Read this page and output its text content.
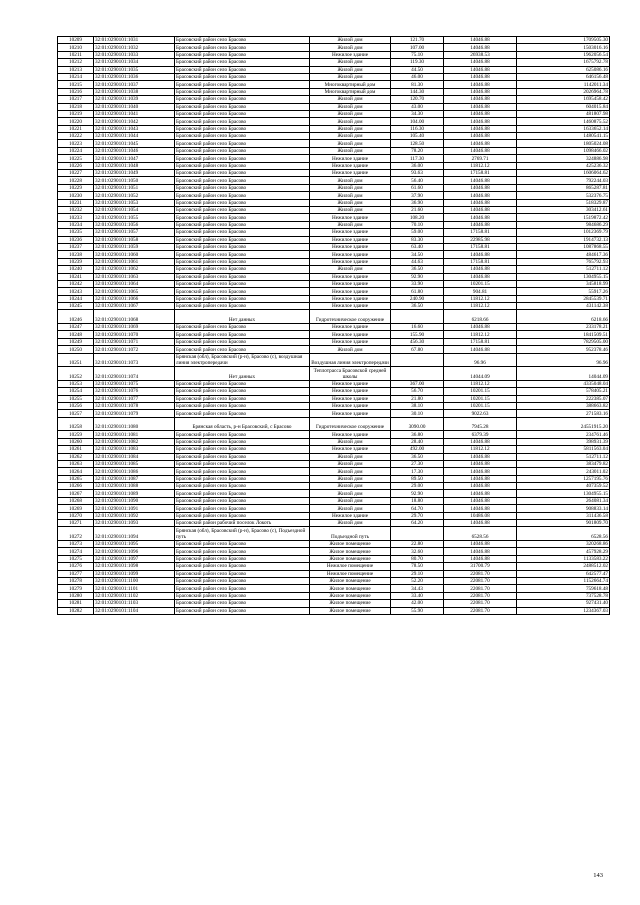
10209	32:01:0290101:1031	Брасовский район село Брасово	Жилой дом	121.70	14046.88	1709505.30
10210	32:01:0290101:1032	Брасовский район село Брасово	Жилой дом	107.00	14046.88	1503016.16
10211	32:01:0290101:1033	Брасовский район село Брасово	Нежилое здание	75.10	26938.53	1962056.54
10212	32:01:0290101:1034	Брасовский район село Брасово	Жилой дом	119.30	14046.88	1675792.78
10213	32:01:0290101:1035	Брасовский район село Брасово	Жилой дом	44.50	14046.88	625086.16
10214	32:01:0290101:1036	Брасовский район село Брасово	Жилой дом	46.00	14046.88	646156.48
10215	32:01:0290101:1037	Брасовский район село Брасово	Многоквартирный дом	81.30	14046.88	1142011.34
10216	32:01:0290101:1038	Брасовский район село Брасово	Многоквартирный дом	144.30	14046.88	2026964.78
10217	32:01:0290101:1039	Брасовский район село Брасово	Жилой дом	120.70	14046.88	1695458.42
10218	32:01:0290101:1040	Брасовский район село Брасово	Жилой дом	43.00	14046.88	604015.84
10219	32:01:0290101:1041	Брасовский район село Брасово	Жилой дом	34.30	14046.88	481807.98
10220	32:01:0290101:1042	Брасовский район село Брасово	Жилой дом	104.00	14046.88	1460875.52
10221	32:01:0290101:1043	Брасовский район село Брасово	Жилой дом	116.30	14046.88	1633652.14
10222	32:01:0290101:1044	Брасовский район село Брасово	Жилой дом	105.40	14046.88	1480541.15
10223	32:01:0290101:1045	Брасовский район село Брасово	Жилой дом	128.50	14046.88	1805024.08
10224	32:01:0290101:1046	Брасовский район село Брасово	Жилой дом	78.20	14046.88	1098466.02
10225	32:01:0290101:1047	Брасовский район село Брасово	Нежилое здание	117.30	2769.71	324886.98
10226	32:01:0290101:1048	Брасовский район село Брасово	Нежилое здание	36.00	11812.12	425236.32
10227	32:01:0290101:1049	Брасовский район село Брасово	Нежилое здание	93.63	17158.81	1606064.62
10228	32:01:0290101:1050	Брасовский район село Брасово	Жилой дом	56.40	14046.88	792244.03
10229	32:01:0290101:1051	Брасовский район село Брасово	Жилой дом	61.60	14046.88	865287.81
10230	32:01:0290101:1052	Брасовский район село Брасово	Жилой дом	37.90	14046.88	532376.75
10231	32:01:0290101:1053	Брасовский район село Брасово	Жилой дом	36.90	14046.88	518329.87
10232	32:01:0290101:1054	Брасовский район село Брасово	Жилой дом	21.60	14046.88	303412.61
10233	32:01:0290101:1055	Брасовский район село Брасово	Нежилое здание	108.20	14046.88	1519872.42
10234	32:01:0290101:1056	Брасовский район село Брасово	Жилой дом	70.10	14046.88	984686.29
10235	32:01:0290101:1057	Брасовский район село Брасово	Нежилое здание	59.00	17158.81	1012369.79
10236	32:01:0290101:1058	Брасовский район село Брасово	Нежилое здание	83.30	22985.98	1914732.13
10237	32:01:0290101:1059	Брасовский район село Брасово	Нежилое здание	63.40	17158.81	1087868.55
10238	32:01:0290101:1060	Брасовский район село Брасово	Нежилое здание	34.50	14046.88	484617.36
10239	32:01:0290101:1061	Брасовский район село Брасово	Нежилое здание	44.63	17158.81	765792.93
10240	32:01:0290101:1062	Брасовский район село Брасово	Жилой дом	36.50	14046.88	512711.12
10241	32:01:0290101:1063	Брасовский район село Брасово	Нежилое здание	92.90	14046.88	1304955.15
10242	32:01:0290101:1064	Брасовский район село Брасово	Нежилое здание	33.90	10201.15	345818.99
10243	32:01:0290101:1065	Брасовский район село Брасово	Нежилое здание	61.80	904.81	55917.26
10244	32:01:0290101:1066	Брасовский район село Брасово	Нежилое здание	240.90	11812.12	2845539.71
10245	32:01:0290101:1067	Брасовский район село Брасово	Нежилое здание	36.50	11812.12	431142.38
10246	32:01:0290101:1068	Нет данных	Гидротехническое сооружение		6218.66	6218.66
10247	32:01:0290101:1069	Брасовский район село Брасово	Нежилое здание	16.60	14046.88	233178.21
10248	32:01:0290101:1070	Брасовский район село Брасово	Нежилое здание	155.90	11812.12	1841509.51
10249	32:01:0290101:1071	Брасовский район село Брасово	Нежилое здание	456.30	17158.81	7829505.00
10250	32:01:0290101:1072	Брасовский район село Брасово	Жилой дом	67.80	14046.88	952378.46
10251	32:01:0290101:1073	Брянская (обл), Брасовский (р-н), Брасово (с), воздушная линия электропередачи	Воздушная линия электропередачи		96.96	96.96
10252	32:01:0290101:1074	Нет данных	Теплотрасса Брасовской средней школы		14044.09	14044.09
10253	32:01:0290101:1075	Брасовский район село Брасово	Нежилое здание	367.00	11812.12	4335048.04
10254	32:01:0290101:1076	Брасовский район село Брасово	Нежилое здание	56.70	10201.15	578405.21
10255	32:01:0290101:1077	Брасовский район село Брасово	Нежилое здание	21.80	10201.15	222385.07
10256	32:01:0290101:1078	Брасовский район село Брасово	Нежилое здание	38.10	10201.15	388663.82
10257	32:01:0290101:1079	Брасовский район село Брасово	Нежилое здание	30.10	9022.63	271583.16
10258	32:01:0290101:1080	Брянская область, р-н Брасовский, с Брасово	Гидротехническое сооружение	3090.00	7945.28	24551915.20
10259	32:01:0290101:1081	Брасовский район село Брасово	Нежилое здание	36.80	6379.39	234761.46
10260	32:01:0290101:1082	Брасовский район село Брасово	Жилой дом	28.40	14046.88	398931.39
10261	32:01:0290101:1083	Брасовский район село Брасово	Нежилое здание	492.00	11812.12	5811563.04
10262	32:01:0290101:1084	Брасовский район село Брасово	Жилой дом	36.50	14046.88	512711.12
10263	32:01:0290101:1085	Брасовский район село Брасово	Жилой дом	27.30	14046.88	383479.82
10264	32:01:0290101:1086	Брасовский район село Брасово	Жилой дом	17.30	14046.88	243011.02
10265	32:01:0290101:1087	Брасовский район село Брасово	Жилой дом	89.50	14046.88	1257195.76
10266	32:01:0290101:1088	Брасовский район село Брасово	Жилой дом	29.00	14046.88	407359.52
10267	32:01:0290101:1089	Брасовский район село Брасово	Жилой дом	92.90	14046.88	1304955.15
10268	32:01:0290101:1090	Брасовский район село Брасово	Жилой дом	18.80	14046.88	264081.34
10269	32:01:0290101:1091	Брасовский район село Брасово	Жилой дом	64.70	14046.88	908833.14
10270	32:01:0290101:1092	Брасовский район село Брасово	Нежилое здание	29.70	10486.08	311436.58
10271	32:01:0290101:1093	Брасовский район рабочий поселок Локоть	Жилой дом	64.20	14046.88	901809.70
10272	32:01:0290101:1094	Брянская (обл), Брасовский (р-н), Брасово (с), Подъездной путь	Подъездной путь		6528.56	6528.56
10273	32:01:0290101:1095	Брасовский район село Брасово	Жилое помещение	22.80	14046.88	320268.86
10274	32:01:0290101:1096	Брасовский район село Брасово	Жилое помещение	32.60	14046.88	457928.29
10275	32:01:0290101:1097	Брасовский район село Брасово	Жилое помещение	80.70	14046.88	1133583.22
10276	32:01:0290101:1098	Брасовский район село Брасово	Нежилое помещение	78.50	31700.79	2488512.02
10277	32:01:0290101:1099	Брасовский район село Брасово	Нежилое помещение	29.10	22081.70	642577.47
10278	32:01:0290101:1100	Брасовский район село Брасово	Жилое помещение	52.20	22081.70	1152664.74
10279	32:01:0290101:1101	Брасовский район село Брасово	Жилое помещение	34.43	22081.70	759618.48
10280	32:01:0290101:1102	Брасовский район село Брасово	Жилое помещение	33.40	22081.70	737528.78
10281	32:01:0290101:1103	Брасовский район село Брасово	Жилое помещение	42.00	22081.70	927431.40
10282	32:01:0290101:1104	Брасовский район село Брасово	Жилое помещение	55.90	22081.70	1234367.03
143
